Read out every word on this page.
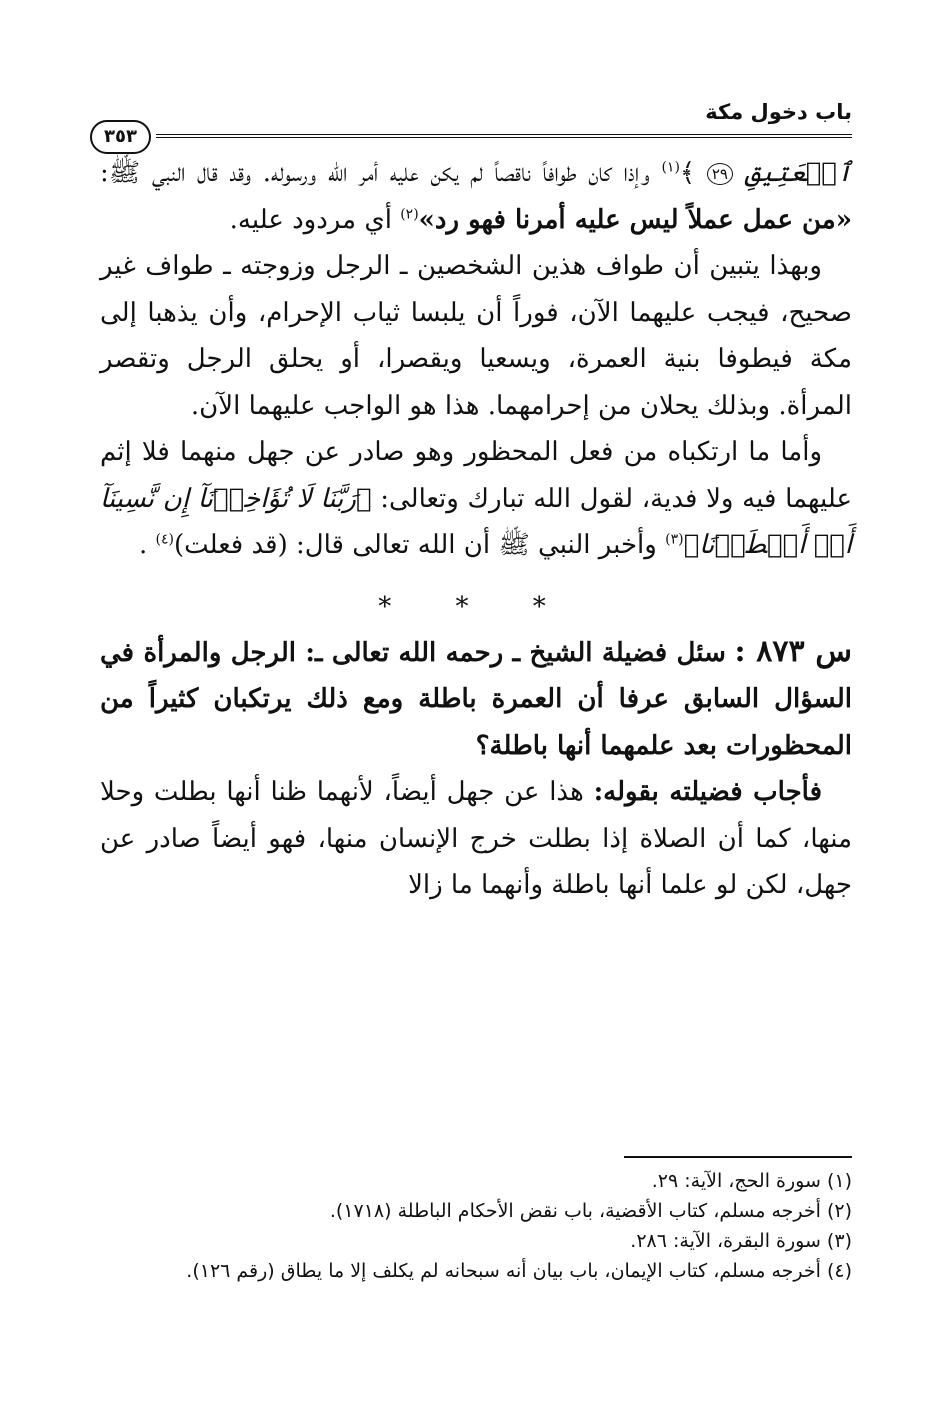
باب دخول مكة
٣٥٣

ٱلۡعَتِيقِ ٢٩ ﴾$^{(١)}$ وإذا كان طوافاً ناقصاً لم يكن عليه أمر الله ورسوله. وقد قال النبي ﷺ: «من عمل عملاً ليس عليه أمرنا فهو رد»$^{(٢)}$ أي مردود عليه.

وبهذا يتبين أن طواف هذين الشخصين ـ الرجل وزوجته ـ طواف غير صحيح، فيجب عليهما الآن، فوراً أن يلبسا ثياب الإحرام، وأن يذهبا إلى مكة فيطوفا بنية العمرة، ويسعيا ويقصرا، أو يحلق الرجل وتقصر المرأة. وبذلك يحلان من إحرامهما. هذا هو الواجب عليهما الآن.

وأما ما ارتكباه من فعل المحظور وهو صادر عن جهل منهما فلا إثم عليهما فيه ولا فدية، لقول الله تبارك وتعالى: ﴿رَبَّنَا لَا تُؤَاخِذۡنَآ إِن نَّسِينَآ أَوۡ أَخۡطَأۡنَا﴾$^{(٣)}$ وأخبر النبي ﷺ أن الله تعالى قال: (قد فعلت)$^{(٤)}$ .

* * *

س ٨٧٣ : سئل فضيلة الشيخ ـ رحمه الله تعالى ـ: الرجل والمرأة في السؤال السابق عرفا أن العمرة باطلة ومع ذلك يرتكبان كثيراً من المحظورات بعد علمهما أنها باطلة؟

فأجاب فضيلته بقوله: هذا عن جهل أيضاً، لأنهما ظنا أنها بطلت وحلا منها، كما أن الصلاة إذا بطلت خرج الإنسان منها، فهو أيضاً صادر عن جهل، لكن لو علما أنها باطلة وأنهما ما زالا

(١) سورة الحج، الآية: ٢٩.

(٢) أخرجه مسلم، كتاب الأقضية، باب نقض الأحكام الباطلة (١٧١٨).

(٣) سورة البقرة، الآية: ٢٨٦.

(٤) أخرجه مسلم، كتاب الإيمان، باب بيان أنه سبحانه لم يكلف إلا ما يطاق (رقم ١٢٦).
